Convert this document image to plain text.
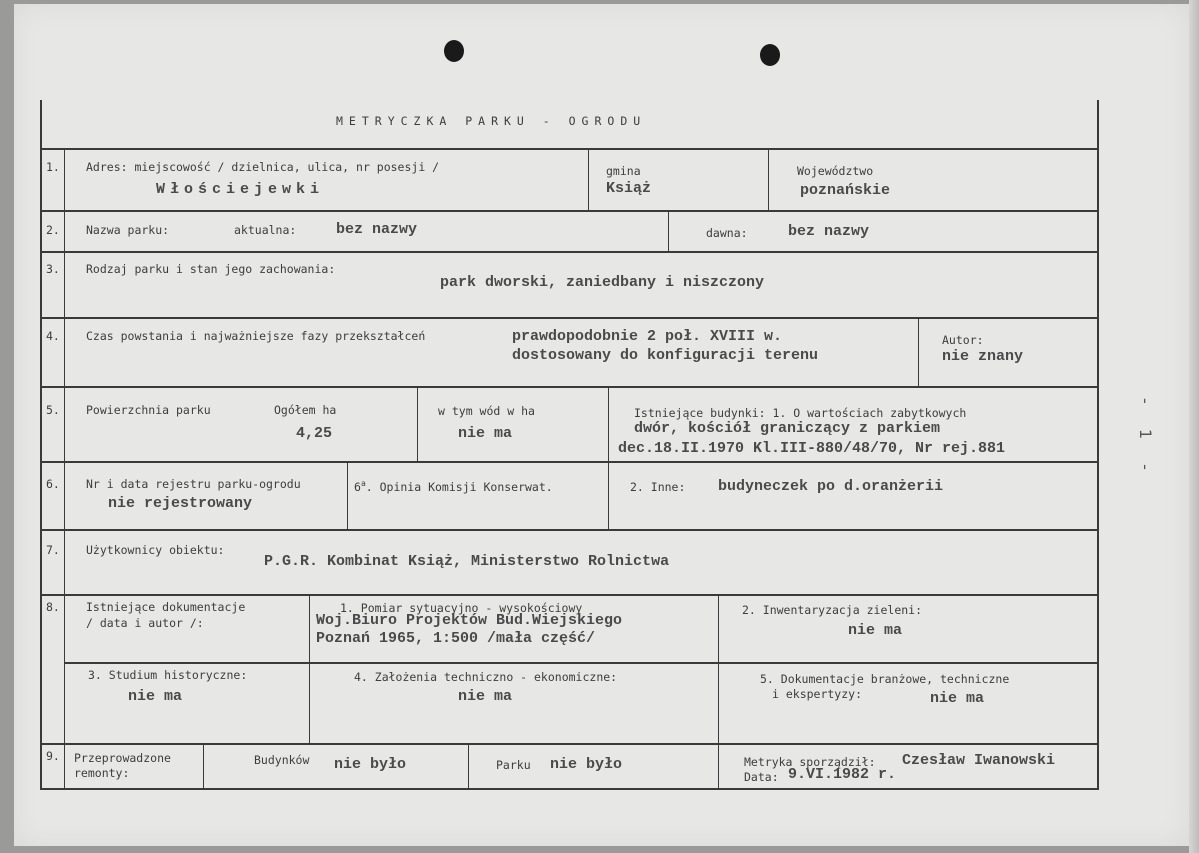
METRYCZKA PARKU - OGRODU
1. Adres: miejscowość / dzielnica, ulica, nr posesji /
Włościejewki
gmina
Książ
Województwo
poznańskie
2. Nazwa parku:	aktualna:	bez nazwy	dawna:	bez nazwy
3. Rodzaj parku i stan jego zachowania:
park dworski, zaniedbany i niszczony
4. Czas powstania i najważniejsze fazy przekształceń	prawdopodobnie 2 poł. XVIII w.
dostosowany do konfiguracji terenu
Autor:
nie znany
5. Powierzchnia parku	Ogółem ha
4,25
w tym wód w ha
nie ma
Istniejące budynki: 1. O wartościach zabytkowych
dwór, kościół graniczący z parkiem
dec.18.II.1970 Kl.III-880/48/70, Nr rej.881
6. Nr i data rejestru parku-ogrodu
nie rejestrowany
6$^a$. Opinia Komisji Konserwat.	2. Inne: budyneczek po d.oranżerii
7. Użytkownicy obiektu:
P.G.R. Kombinat Książ, Ministerstwo Rolnictwa
8. Istniejące dokumentacje
/ data i autor /:
1. Pomiar sytuacyjno - wysokościowy
Woj.Biuro Projektów Bud.Wiejskiego
Poznań 1965, 1:500 /mała część/
2. Inwentaryzacja zieleni:
nie ma
3. Studium historyczne:
nie ma
4. Założenia techniczno - ekonomiczne:
nie ma
5. Dokumentacje branżowe, techniczne
i ekspertyzy:	nie ma
9. Przeprowadzone
remonty:
Budynków nie było	Parku nie było	Metryka sporządził: Czesław Iwanowski
Data: 9.VI.1982 r.
- 1 -
